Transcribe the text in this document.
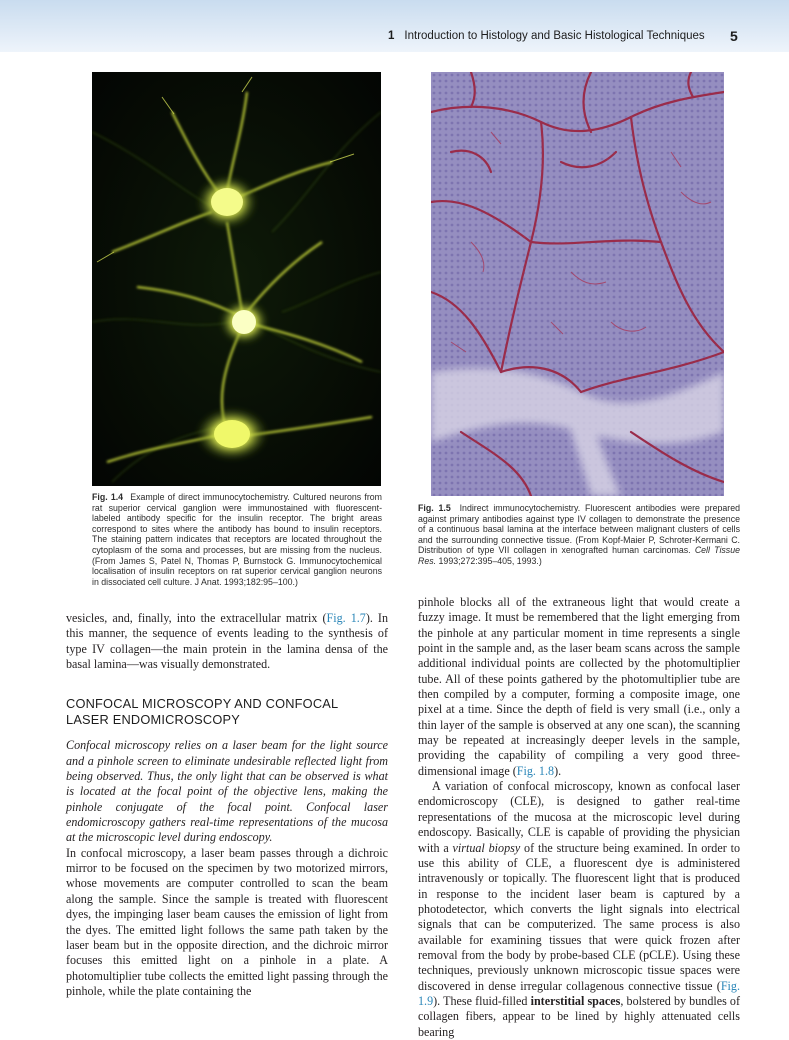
1 Introduction to Histology and Basic Histological Techniques 5
Fig. 1.4 Example of direct immunocytochemistry. Cultured neurons from rat superior cervical ganglion were immunostained with fluorescent-labeled antibody specific for the insulin receptor. The bright areas correspond to sites where the antibody has bound to insulin receptors. The staining pattern indicates that receptors are located throughout the cytoplasm of the soma and processes, but are missing from the nucleus. (From James S, Patel N, Thomas P, Burnstock G. Immunocytochemical localisation of insulin receptors on rat superior cervical ganglion neurons in dissociated cell culture. J Anat. 1993;182:95–100.)
Fig. 1.5 Indirect immunocytochemistry. Fluorescent antibodies were prepared against primary antibodies against type IV collagen to demonstrate the presence of a continuous basal lamina at the interface between malignant clusters of cells and the surrounding connective tissue. (From Kopf-Maier P, Schroter-Kermani C. Distribution of type VII collagen in xenografted human carcinomas. Cell Tissue Res. 1993;272:395–405, 1993.)

vesicles, and, finally, into the extracellular matrix (Fig. 1.7). In this manner, the sequence of events leading to the synthesis of type IV collagen—the main protein in the lamina densa of the basal lamina—was visually demonstrated.

CONFOCAL MICROSCOPY AND CONFOCAL
LASER ENDOMICROSCOPY

Confocal microscopy relies on a laser beam for the light source and a pinhole screen to eliminate undesirable reflected light from being observed. Thus, the only light that can be observed is what is located at the focal point of the objective lens, making the pinhole conjugate of the focal point. Confocal laser endomicroscopy gathers real-time representations of the mucosa at the microscopic level during endoscopy.

In confocal microscopy, a laser beam passes through a dichroic mirror to be focused on the specimen by two motorized mirrors, whose movements are computer controlled to scan the beam along the sample. Since the sample is treated with fluorescent dyes, the impinging laser beam causes the emission of light from the dyes. The emitted light follows the same path taken by the laser beam but in the opposite direction, and the dichroic mirror focuses this emitted light on a pinhole in a plate. A photomultiplier tube collects the emitted light passing through the pinhole, while the plate containing the

pinhole blocks all of the extraneous light that would create a fuzzy image. It must be remembered that the light emerging from the pinhole at any particular moment in time represents a single point in the sample and, as the laser beam scans across the sample additional individual points are collected by the photomultiplier tube. All of these points gathered by the photomultiplier tube are then compiled by a computer, forming a composite image, one pixel at a time. Since the depth of field is very small (i.e., only a thin layer of the sample is observed at any one scan), the scanning may be repeated at increasingly deeper levels in the sample, providing the capability of compiling a very good three-dimensional image (Fig. 1.8).

A variation of confocal microscopy, known as confocal laser endomicroscopy (CLE), is designed to gather real-time representations of the mucosa at the microscopic level during endoscopy. Basically, CLE is capable of providing the physician with a virtual biopsy of the structure being examined. In order to use this ability of CLE, a fluorescent dye is administered intravenously or topically. The fluorescent light that is produced in response to the incident laser beam is captured by a photodetector, which converts the light signals into electrical signals that can be computerized. The same process is also available for examining tissues that were quick frozen after removal from the body by probe-based CLE (pCLE). Using these techniques, previously unknown microscopic tissue spaces were discovered in dense irregular collagenous connective tissue (Fig. 1.9). These fluid-filled interstitial spaces, bolstered by bundles of collagen fibers, appear to be lined by highly attenuated cells bearing
